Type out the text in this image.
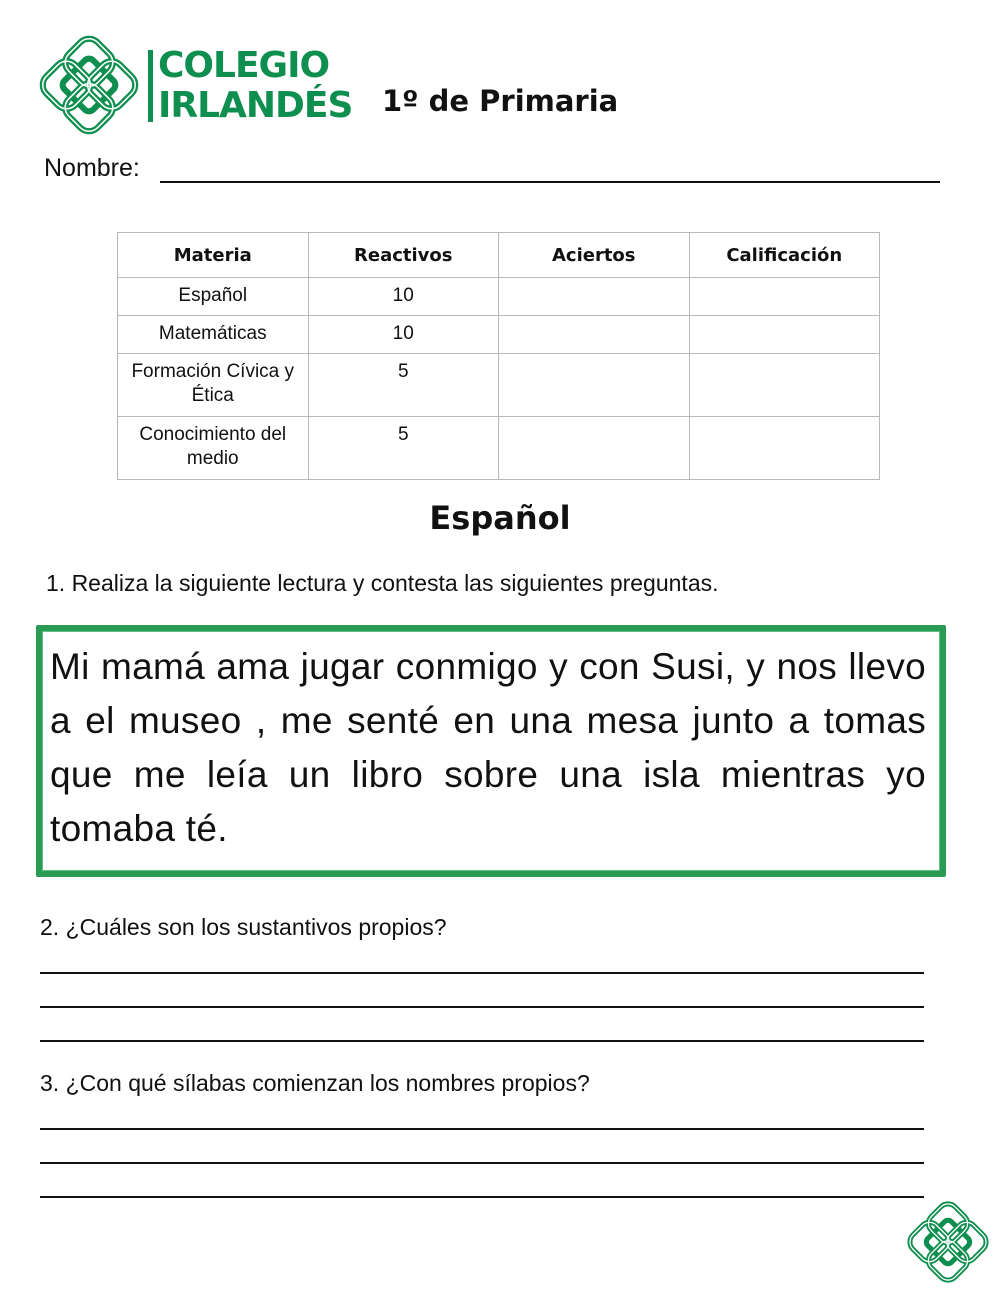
COLEGIO
IRLANDÉS 1º de Primaria
Nombre:
Materia	Reactivos	Aciertos	Calificación
Español	10		
Matemáticas	10		
Formación Cívica y Ética	5		
Conocimiento del medio	5		
Español
1. Realiza la siguiente lectura y contesta las siguientes preguntas.
Mi mamá ama jugar conmigo y con Susi, y nos llevo a el museo , me senté en una mesa junto a tomas que me leía un libro sobre una isla mientras yo tomaba té.
2. ¿Cuáles son los sustantivos propios?
3. ¿Con qué sílabas comienzan los nombres propios?
